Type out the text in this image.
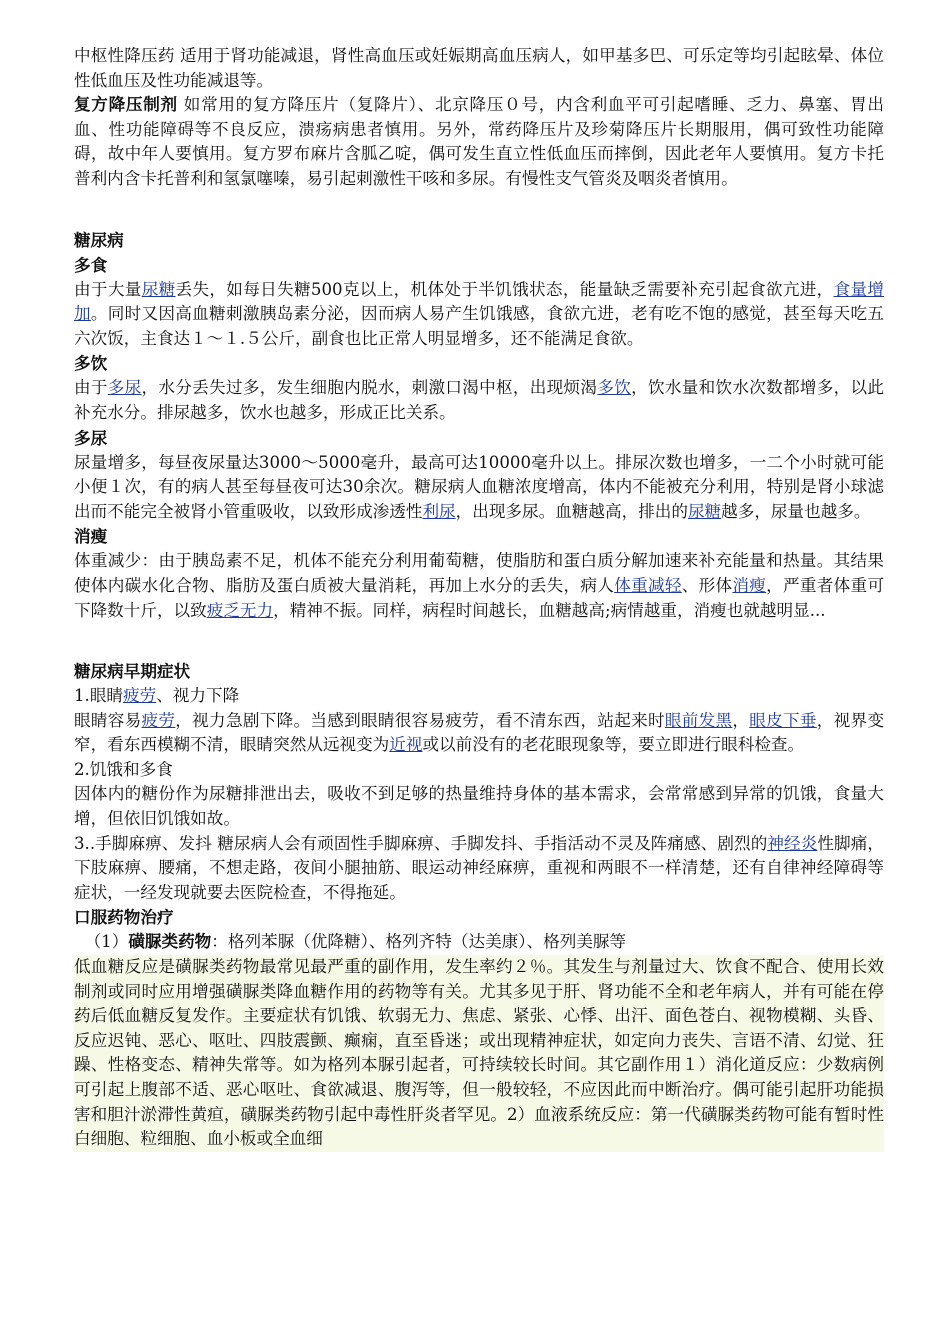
中枢性降压药 适用于肾功能减退，肾性高血压或妊娠期高血压病人，如甲基多巴、可乐定等均引起眩晕、体位性低血压及性功能减退等。

复方降压制剂 如常用的复方降压片（复降片）、北京降压０号，内含利血平可引起嗜睡、乏力、鼻塞、胃出血、性功能障碍等不良反应，溃疡病患者慎用。另外，常药降压片及珍菊降压片长期服用，偶可致性功能障碍，故中年人要慎用。复方罗布麻片含胍乙啶，偶可发生直立性低血压而摔倒，因此老年人要慎用。复方卡托普利内含卡托普利和氢氯噻嗪，易引起刺激性干咳和多尿。有慢性支气管炎及咽炎者慎用。

糖尿病

多食

由于大量尿糖丢失，如每日失糖500克以上，机体处于半饥饿状态，能量缺乏需要补充引起食欲亢进，食量增加。同时又因高血糖刺激胰岛素分泌，因而病人易产生饥饿感，食欲亢进，老有吃不饱的感觉，甚至每天吃五六次饭，主食达１～１.５公斤，副食也比正常人明显增多，还不能满足食欲。

多饮

由于多尿，水分丢失过多，发生细胞内脱水，刺激口渴中枢，出现烦渴多饮，饮水量和饮水次数都增多，以此补充水分。排尿越多，饮水也越多，形成正比关系。

多尿

尿量增多，每昼夜尿量达3000～5000毫升，最高可达10000毫升以上。排尿次数也增多，一二个小时就可能小便１次，有的病人甚至每昼夜可达30余次。糖尿病人血糖浓度增高，体内不能被充分利用，特别是肾小球滤出而不能完全被肾小管重吸收，以致形成渗透性利尿，出现多尿。血糖越高，排出的尿糖越多，尿量也越多。

消瘦

体重减少：由于胰岛素不足，机体不能充分利用葡萄糖，使脂肪和蛋白质分解加速来补充能量和热量。其结果使体内碳水化合物、脂肪及蛋白质被大量消耗，再加上水分的丢失，病人体重减轻、形体消瘦，严重者体重可下降数十斤，以致疲乏无力，精神不振。同样，病程时间越长，血糖越高;病情越重，消瘦也就越明显...

糖尿病早期症状

1.眼睛疲劳、视力下降

眼睛容易疲劳，视力急剧下降。当感到眼睛很容易疲劳，看不清东西，站起来时眼前发黑，眼皮下垂，视界变窄，看东西模糊不清，眼睛突然从远视变为近视或以前没有的老花眼现象等，要立即进行眼科检查。

2.饥饿和多食

因体内的糖份作为尿糖排泄出去，吸收不到足够的热量维持身体的基本需求，会常常感到异常的饥饿，食量大增，但依旧饥饿如故。

3..手脚麻痹、发抖 糖尿病人会有顽固性手脚麻痹、手脚发抖、手指活动不灵及阵痛感、剧烈的神经炎性脚痛，下肢麻痹、腰痛，不想走路，夜间小腿抽筋、眼运动神经麻痹，重视和两眼不一样清楚，还有自律神经障碍等症状，一经发现就要去医院检查，不得拖延。

口服药物治疗

（1）磺脲类药物：格列苯脲（优降糖）、格列齐特（达美康）、格列美脲等

低血糖反应是磺脲类药物最常见最严重的副作用，发生率约２％。其发生与剂量过大、饮食不配合、使用长效制剂或同时应用增强磺脲类降血糖作用的药物等有关。尤其多见于肝、肾功能不全和老年病人，并有可能在停药后低血糖反复发作。主要症状有饥饿、软弱无力、焦虑、紧张、心悸、出汗、面色苍白、视物模糊、头昏、反应迟钝、恶心、呕吐、四肢震颤、癫痫，直至昏迷；或出现精神症状，如定向力丧失、言语不清、幻觉、狂躁、性格变态、精神失常等。如为格列本脲引起者，可持续较长时间。其它副作用１）消化道反应：少数病例可引起上腹部不适、恶心呕吐、食欲减退、腹泻等，但一般较轻，不应因此而中断治疗。偶可能引起肝功能损害和胆汁淤滞性黄疸，磺脲类药物引起中毒性肝炎者罕见。2）血液系统反应：第一代磺脲类药物可能有暂时性白细胞、粒细胞、血小板或全血细
